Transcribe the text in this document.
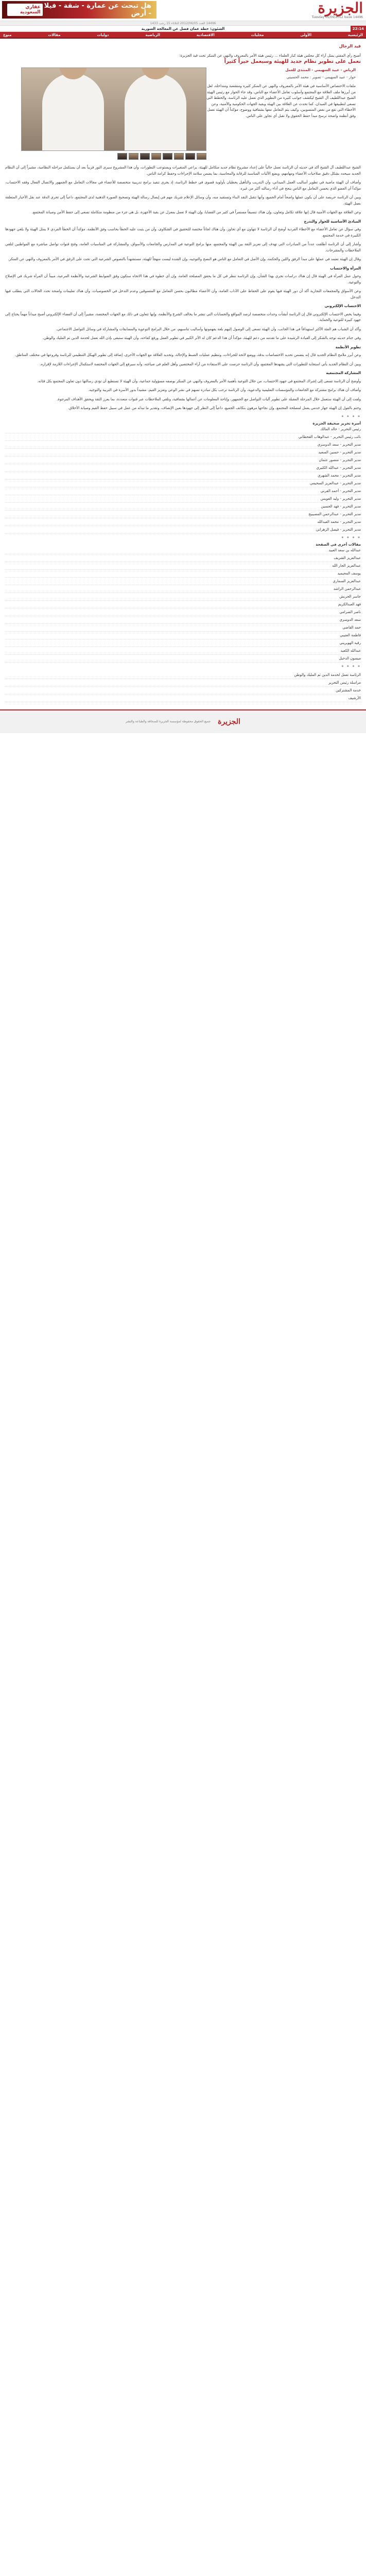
الجزيرة
Tuesday 05/06/2012 Issue 14496
هل تبحث عن عمارة - شقة - فيلا - أرض
عقاري السعودية
14496 العدد 2012/06/05 الثلاثاء 15 رجب 1433
22:14
الشئون: خطة عمان فضل عن المعالجة السورية
الرئيسية
الأولى
محليات
الاقتصادية
الرياضية
دوليات
مقالات
منوع
قيد الرجال
أصبح رأي المفتي يمثل آراء كل مجلس هيئة كبار العلماء ... رئيس هيئة الأمر بالمعروف والنهي عن المنكر تحت قبة الجزيرة:
نعمل على تطوير نظام جديد للهيئة وسيعمل خيراً كثيراً
الرياض - عبيد السهيمي - المنتدى للعمل
حوار - عبيد السهيمي - تصوير : محمد الحسيني
ملفات الاختصاص الأساسية في هيئة الأمر بالمعروف والنهي عن المنكر كثيرة ومتشعبة ومتداخلة، لعل من أبرزها ملف العلاقة مع المجتمع وأسلوب تعامل الأعضاء مع الناس، وقد جاء الحوار مع رئيس الهيئة الشيخ عبداللطيف آل الشيخ ليكشف جوانب كثيرة من التطوير الذي تعمل عليه الرئاسة، والخطط التي تسعى لتطبيقها في الميدان، كما تحدث عن العلاقة بين الهيئة وبقية الجهات الحكومية والأمنية، وعن الأخطاء التي تقع من بعض المنسوبين، وكيف يتم التعامل معها بشفافية ووضوح، مؤكداً أن الهيئة تعمل وفق أنظمة واضحة ترسخ مبدأ حفظ الحقوق ولا تقبل أي تجاوز على الناس.

الشيخ عبداللطيف آل الشيخ أكد في حديثه أن الرئاسة تعمل حالياً على إعداد مشروع نظام جديد متكامل للهيئة، يراعي المتغيرات ويستوعب التطورات، وأن هذا المشروع سيرى النور قريباً بعد أن يستكمل مراحله النظامية، مشيراً إلى أن النظام الجديد سيحدد بشكل دقيق صلاحيات الأعضاء ومهامهم، ويضع الآليات المناسبة للرقابة والمحاسبة، بما يضمن سلامة الإجراءات وحفظ كرامة الناس.

وأضاف أن الهيئة ماضية في تطوير أساليب العمل الميداني، وأن التدريب والتأهيل يحظيان بأولوية قصوى في خطط الرئاسة، إذ يجري تنفيذ برامج تدريبية متخصصة للأعضاء في مجالات التعامل مع الجمهور والاتصال الفعال وفقه الاحتساب، مؤكداً أن العضو الذي يحسن التعامل مع الناس ينجح في أداء رسالته أكثر من غيره.

وبين أن الرئاسة حريصة على أن يكون عملها واضحاً أمام الجميع، وأنها تتقبل النقد البناء وتستفيد منه، وأن وسائل الإعلام شريك مهم في إيصال رسالة الهيئة وتصحيح الصورة الذهنية لدى المجتمع، داعياً إلى تحري الدقة عند نقل الأخبار المتعلقة بعمل الهيئة.

وعن العلاقة مع الجهات الأمنية قال إنها علاقة تكامل وتعاون، وإن هناك تنسيقاً مستمراً في كثير من القضايا، وإن الهيئة لا تعمل بمعزل عن بقية الأجهزة، بل هي جزء من منظومة متكاملة تسعى إلى حفظ الأمن وصيانة المجتمع.

المبادئ الأساسية للحوار والتدرج

وفي سؤال عن تعامل الأعضاء مع الأخطاء الفردية أوضح أن الرئاسة لا تتهاون مع أي تجاوز، وأن هناك لجاناً مختصة للتحقيق في الشكاوى، وأن من يثبت عليه الخطأ يحاسب وفق الأنظمة، مؤكداً أن الخطأ الفردي لا يمثل الهيئة ولا يلغي جهودها الكبيرة في خدمة المجتمع.

وأشار إلى أن الرئاسة أطلقت عدداً من المبادرات التي تهدف إلى تعزيز الثقة بين الهيئة والمجتمع، منها برامج التوعية في المدارس والجامعات والأسواق، والمشاركة في المناسبات العامة، وفتح قنوات تواصل مباشرة مع المواطنين لتلقي الملاحظات والمقترحات.

وقال إن الهيئة تعتمد في عملها على مبدأ الرفق واللين والحكمة، وإن الأصل في التعامل مع الناس هو النصح والتوجيه، وإن الشدة ليست منهجاً للهيئة، مستشهداً بالنصوص الشرعية التي تحث على الرفق في الأمر بالمعروف والنهي عن المنكر.

المرأة والاحتساب

وحول عمل المرأة في الهيئة قال إن هناك دراسات تجري بهذا الشأن، وإن الرئاسة تنظر في كل ما يحقق المصلحة العامة، وإن أي خطوة في هذا الاتجاه ستكون وفق الضوابط الشرعية والأنظمة المرعية، مبيناً أن المرأة شريك في الإصلاح والتوعية.

وعن الأسواق والمجمعات التجارية أكد أن دور الهيئة فيها يقوم على الحفاظ على الآداب العامة، وأن الأعضاء مطالبون بحسن التعامل مع المتسوقين وعدم التدخل في الخصوصيات، وأن هناك تعليمات واضحة تحدد الحالات التي يتطلب فيها التدخل.

الاحتساب الإلكتروني

وفيما يخص الاحتساب الإلكتروني قال إن الرئاسة أنشأت وحدات متخصصة لرصد المواقع والحسابات التي تنشر ما يخالف الشرع والأنظمة، وإنها تتعاون في ذلك مع الجهات المختصة، مشيراً إلى أن الفضاء الإلكتروني أصبح ميداناً مهماً يحتاج إلى جهود كبيرة للتوعية والحماية.

وأكد أن الشباب هم الفئة الأكثر استهدافاً في هذا الجانب، وأن الهيئة تسعى إلى الوصول إليهم بلغة يفهمونها وأساليب تناسبهم، من خلال البرامج التوعوية والمسابقات والمشاركة في وسائل التواصل الاجتماعي.

وفي ختام حديثه توجه بالشكر إلى القيادة الرشيدة على ما تقدمه من دعم للهيئة، مؤكداً أن هذا الدعم كان له الأثر الكبير في تطوير العمل ورفع كفاءته، وأن الهيئة ستبقى بإذن الله تعمل لخدمة الدين ثم المليك والوطن.

تطوير الأنظمة

وعن أبرز ملامح النظام الجديد قال إنه يتضمن تحديد الاختصاصات بدقة، ووضع لائحة للجزاءات، وتنظيم عمليات الضبط والإحالة، وتحديد العلاقة مع الجهات الأخرى، إضافة إلى تطوير الهيكل التنظيمي للرئاسة وفروعها في مختلف المناطق.

وبين أن النظام الجديد يأتي استجابة للتطورات التي يشهدها المجتمع، وأن الرئاسة حرصت على الاستفادة من آراء المختصين وأهل العلم في صياغته، وأنه سيرفع إلى الجهات المختصة لاستكمال الإجراءات اللازمة لإقراره.

المشاركة المجتمعية

وأوضح أن الرئاسة تسعى إلى إشراك المجتمع في جهود الاحتساب، من خلال التوعية بأهمية الأمر بالمعروف والنهي عن المنكر بوصفه مسؤولية جماعية، وأن الهيئة لا تستطيع أن تؤدي رسالتها دون تعاون المجتمع بكل فئاته.

وأضاف أن هناك برامج مشتركة مع الجامعات والمؤسسات التعليمية والدعوية، وأن الرئاسة ترحب بكل مبادرة تسهم في نشر الوعي وتعزيز القيم، مشيداً بدور الأسرة في التربية والتوجيه.

ولفت إلى أن الهيئة ستعمل خلال المرحلة المقبلة على تطوير آليات التواصل مع الجمهور، وإتاحة المعلومات عن أعمالها بشفافية، وتلقي الملاحظات عبر قنوات متعددة، بما يعزز الثقة ويحقق الأهداف المرجوة.

وختم بالقول إن الهيئة جهاز خدمي يعمل لمصلحة المجتمع، وإن نجاحها مرهون بتكاتف الجميع، داعياً إلى النظر إلى جهودها بعين الإنصاف، وتقدير ما تبذله من عمل في سبيل حفظ القيم وصيانة الأخلاق.

* * * *
أسرة تحرير صحيفة الجزيرة
رئيس التحرير - خالد المالك
نائب رئيس التحرير - عبدالوهاب القحطاني
مدير التحرير - سعد الدوسري
مدير التحرير - حسين السعيد
مدير التحرير - منصور عثمان
مدير التحرير - عبدالله الكثيري
مدير التحرير - محمد الشهري
مدير التحرير - عبدالعزيز السحيمي
مدير التحرير - أحمد القرني
مدير التحرير - وليد العويس
مدير التحرير - فهد الحسين
مدير التحرير - عبدالرحمن المصيبيح
مدير التحرير - محمد العبدالله
مدير التحرير - فيصل الزهراني
* * * *
مقالات أخرى في الصفحة
عبدالله بن سعد العبيد
عبدالعزيز الشريف
عبدالعزيز الجار الله
يوسف المحيميد
عبدالعزيز السماري
عبدالرحمن الراشد
جاسر الحربش
فهد العبدالكريم
ناصر الصرامي
سعد الدوسري
حمد القاضي
فاطمة العتيبي
رقية الهويريني
عبدالله الكعيد
ميسون الدخيل
* * * *
الرئاسة تعمل لخدمة الدين ثم المليك والوطن
مراسلة رئيس التحرير
خدمة المشتركين
الأرشيف
الجزيرة
جميع الحقوق محفوظة لمؤسسة الجزيرة للصحافة والطباعة والنشر
